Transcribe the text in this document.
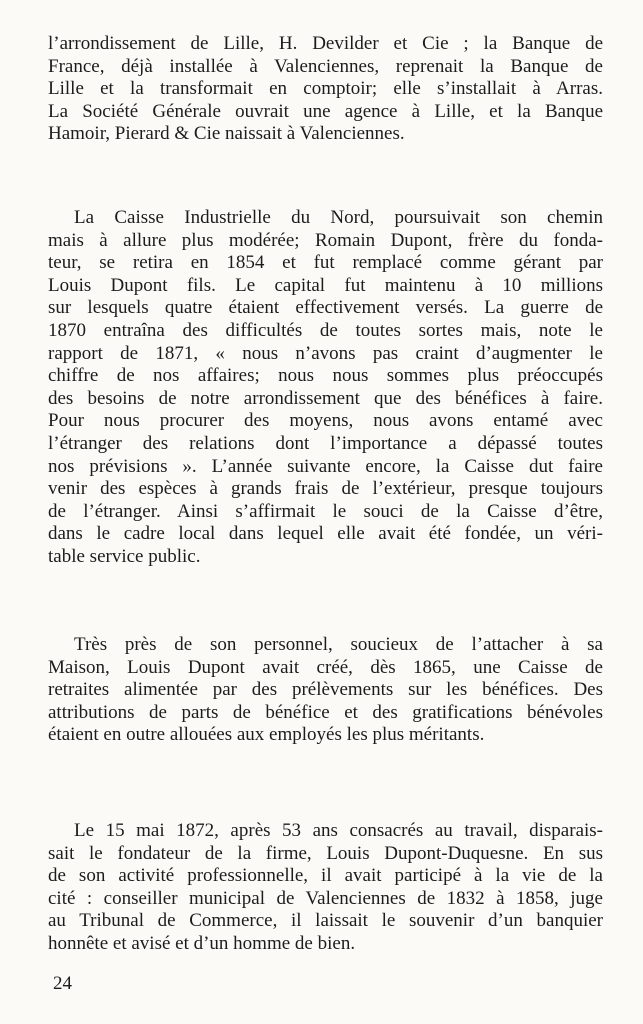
l’arrondissement de Lille, H. Devilder et Cie ; la Banque de
France, déjà installée à Valenciennes, reprenait la Banque de
Lille et la transformait en comptoir; elle s’installait à Arras.
La Société Générale ouvrait une agence à Lille, et la Banque
Hamoir, Pierard & Cie naissait à Valenciennes.

La Caisse Industrielle du Nord, poursuivait son chemin
mais à allure plus modérée; Romain Dupont, frère du fonda-
teur, se retira en 1854 et fut remplacé comme gérant par
Louis Dupont fils. Le capital fut maintenu à 10 millions
sur lesquels quatre étaient effectivement versés. La guerre de
1870 entraîna des difficultés de toutes sortes mais, note le
rapport de 1871, « nous n’avons pas craint d’augmenter le
chiffre de nos affaires; nous nous sommes plus préoccupés
des besoins de notre arrondissement que des bénéfices à faire.
Pour nous procurer des moyens, nous avons entamé avec
l’étranger des relations dont l’importance a dépassé toutes
nos prévisions ». L’année suivante encore, la Caisse dut faire
venir des espèces à grands frais de l’extérieur, presque toujours
de l’étranger. Ainsi s’affirmait le souci de la Caisse d’être,
dans le cadre local dans lequel elle avait été fondée, un véri-
table service public.

Très près de son personnel, soucieux de l’attacher à sa
Maison, Louis Dupont avait créé, dès 1865, une Caisse de
retraites alimentée par des prélèvements sur les bénéfices. Des
attributions de parts de bénéfice et des gratifications bénévoles
étaient en outre allouées aux employés les plus méritants.

Le 15 mai 1872, après 53 ans consacrés au travail, disparais-
sait le fondateur de la firme, Louis Dupont-Duquesne. En sus
de son activité professionnelle, il avait participé à la vie de la
cité : conseiller municipal de Valenciennes de 1832 à 1858, juge
au Tribunal de Commerce, il laissait le souvenir d’un banquier
honnête et avisé et d’un homme de bien.

24
